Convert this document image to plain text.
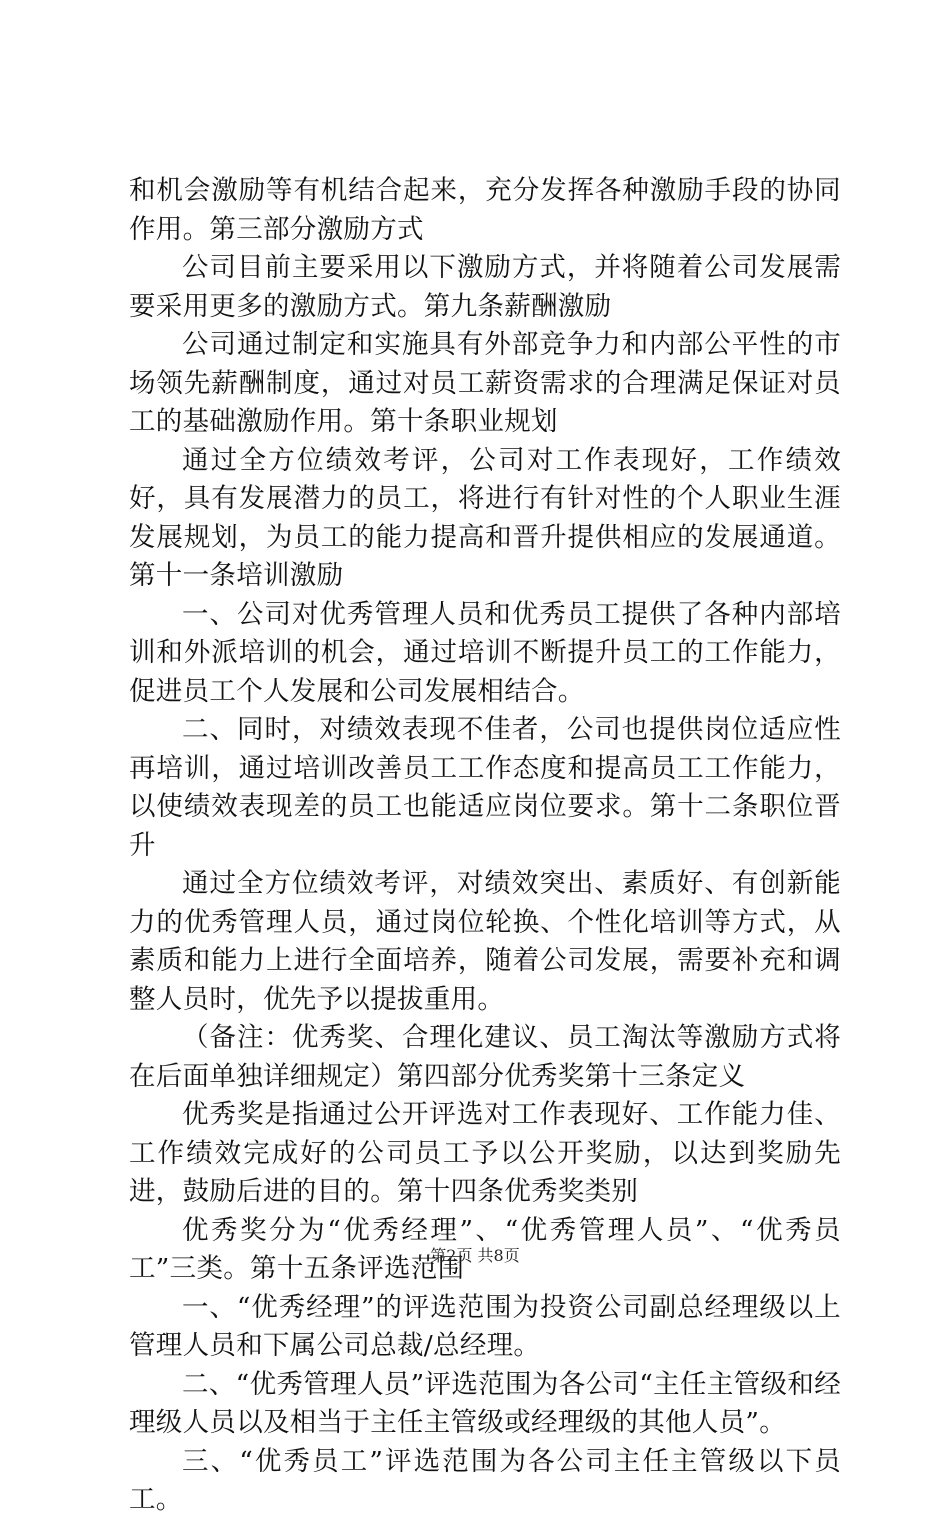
和机会激励等有机结合起来，充分发挥各种激励手段的协同作用。第三部分激励方式

公司目前主要采用以下激励方式，并将随着公司发展需要采用更多的激励方式。第九条薪酬激励

公司通过制定和实施具有外部竞争力和内部公平性的市场领先薪酬制度，通过对员工薪资需求的合理满足保证对员工的基础激励作用。第十条职业规划

通过全方位绩效考评，公司对工作表现好，工作绩效好，具有发展潜力的员工，将进行有针对性的个人职业生涯发展规划，为员工的能力提高和晋升提供相应的发展通道。第十一条培训激励

一、公司对优秀管理人员和优秀员工提供了各种内部培训和外派培训的机会，通过培训不断提升员工的工作能力，促进员工个人发展和公司发展相结合。

二、同时，对绩效表现不佳者，公司也提供岗位适应性再培训，通过培训改善员工工作态度和提高员工工作能力，以使绩效表现差的员工也能适应岗位要求。第十二条职位晋升

通过全方位绩效考评，对绩效突出、素质好、有创新能力的优秀管理人员，通过岗位轮换、个性化培训等方式，从素质和能力上进行全面培养，随着公司发展，需要补充和调整人员时，优先予以提拔重用。

（备注：优秀奖、合理化建议、员工淘汰等激励方式将在后面单独详细规定）第四部分优秀奖第十三条定义

优秀奖是指通过公开评选对工作表现好、工作能力佳、工作绩效完成好的公司员工予以公开奖励，以达到奖励先进，鼓励后进的目的。第十四条优秀奖类别

优秀奖分为“优秀经理”、“优秀管理人员”、“优秀员工”三类。第十五条评选范围

一、“优秀经理”的评选范围为投资公司副总经理级以上管理人员和下属公司总裁/总经理。

二、“优秀管理人员”评选范围为各公司“主任主管级和经理级人员以及相当于主任主管级或经理级的其他人员”。

三、“优秀员工”评选范围为各公司主任主管级以下员工。

第2页 共8页
